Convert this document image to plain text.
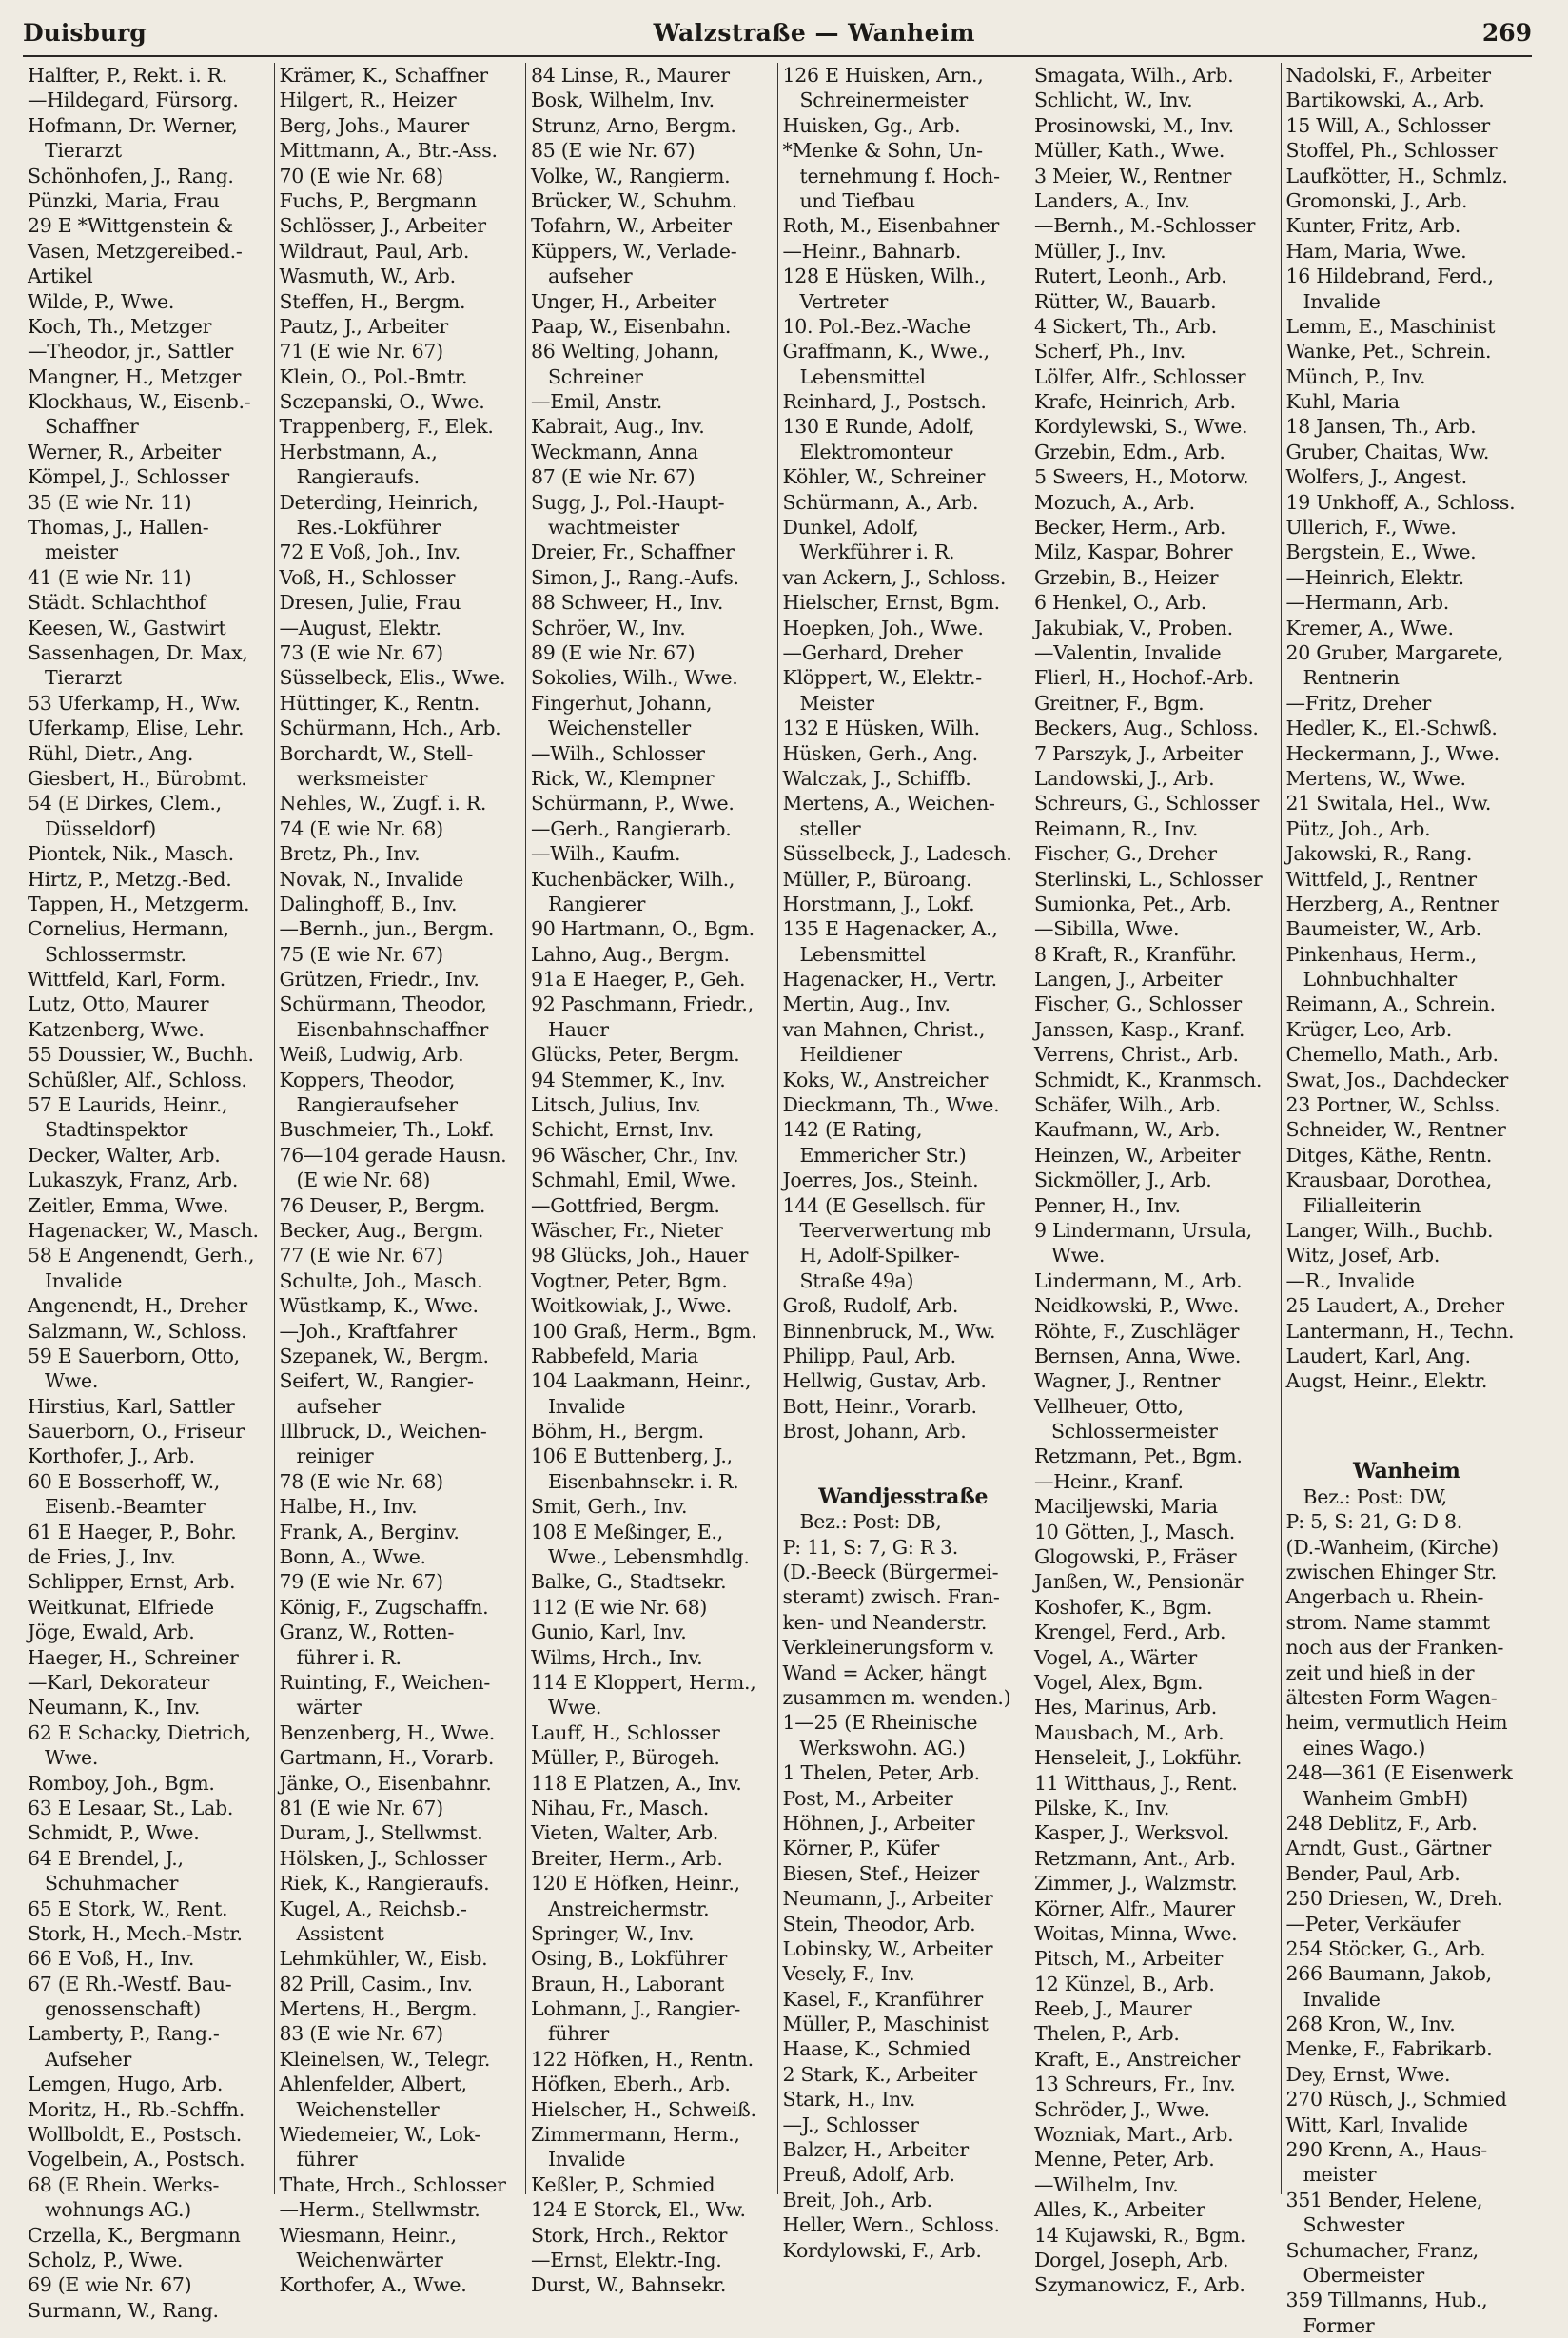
Duisburg	Walzstraße — Wanheim	269
Halfter, P., Rekt. i. R.
—Hildegard, Fürsorg.
Hofmann, Dr. Werner,
Tierarzt
Schönhofen, J., Rang.
Pünzki, Maria, Frau
29 E *Wittgenstein &
Vasen, Metzgereibed.-
Artikel
Wilde, P., Wwe.
Koch, Th., Metzger
—Theodor, jr., Sattler
Mangner, H., Metzger
Klockhaus, W., Eisenb.-
Schaffner
Werner, R., Arbeiter
Kömpel, J., Schlosser
35 (E wie Nr. 11)
Thomas, J., Hallen-
meister
41 (E wie Nr. 11)
Städt. Schlachthof
Keesen, W., Gastwirt
Sassenhagen, Dr. Max,
Tierarzt
53 Uferkamp, H., Ww.
Uferkamp, Elise, Lehr.
Rühl, Dietr., Ang.
Giesbert, H., Bürobmt.
54 (E Dirkes, Clem.,
Düsseldorf)
Piontek, Nik., Masch.
Hirtz, P., Metzg.-Bed.
Tappen, H., Metzgerm.
Cornelius, Hermann,
Schlossermstr.
Wittfeld, Karl, Form.
Lutz, Otto, Maurer
Katzenberg, Wwe.
55 Doussier, W., Buchh.
Schüßler, Alf., Schloss.
57 E Laurids, Heinr.,
Stadtinspektor
Decker, Walter, Arb.
Lukaszyk, Franz, Arb.
Zeitler, Emma, Wwe.
Hagenacker, W., Masch.
58 E Angenendt, Gerh.,
Invalide
Angenendt, H., Dreher
Salzmann, W., Schloss.
59 E Sauerborn, Otto,
Wwe.
Hirstius, Karl, Sattler
Sauerborn, O., Friseur
Korthofer, J., Arb.
60 E Bosserhoff, W.,
Eisenb.-Beamter
61 E Haeger, P., Bohr.
de Fries, J., Inv.
Schlipper, Ernst, Arb.
Weitkunat, Elfriede
Jöge, Ewald, Arb.
Haeger, H., Schreiner
—Karl, Dekorateur
Neumann, K., Inv.
62 E Schacky, Dietrich,
Wwe.
Romboy, Joh., Bgm.
63 E Lesaar, St., Lab.
Schmidt, P., Wwe.
64 E Brendel, J.,
Schuhmacher
65 E Stork, W., Rent.
Stork, H., Mech.-Mstr.
66 E Voß, H., Inv.
67 (E Rh.-Westf. Bau-
genossenschaft)
Lamberty, P., Rang.-
Aufseher
Lemgen, Hugo, Arb.
Moritz, H., Rb.-Schffn.
Wollboldt, E., Postsch.
Vogelbein, A., Postsch.
68 (E Rhein. Werks-
wohnungs AG.)
Crzella, K., Bergmann
Scholz, P., Wwe.
69 (E wie Nr. 67)
Surmann, W., Rang.
Krämer, K., Schaffner
Hilgert, R., Heizer
Berg, Johs., Maurer
Mittmann, A., Btr.-Ass.
70 (E wie Nr. 68)
Fuchs, P., Bergmann
Schlösser, J., Arbeiter
Wildraut, Paul, Arb.
Wasmuth, W., Arb.
Steffen, H., Bergm.
Pautz, J., Arbeiter
71 (E wie Nr. 67)
Klein, O., Pol.-Bmtr.
Sczepanski, O., Wwe.
Trappenberg, F., Elek.
Herbstmann, A.,
Rangieraufs.
Deterding, Heinrich,
Res.-Lokführer
72 E Voß, Joh., Inv.
Voß, H., Schlosser
Dresen, Julie, Frau
—August, Elektr.
73 (E wie Nr. 67)
Süsselbeck, Elis., Wwe.
Hüttinger, K., Rentn.
Schürmann, Hch., Arb.
Borchardt, W., Stell-
werksmeister
Nehles, W., Zugf. i. R.
74 (E wie Nr. 68)
Bretz, Ph., Inv.
Novak, N., Invalide
Dalinghoff, B., Inv.
—Bernh., jun., Bergm.
75 (E wie Nr. 67)
Grützen, Friedr., Inv.
Schürmann, Theodor,
Eisenbahnschaffner
Weiß, Ludwig, Arb.
Koppers, Theodor,
Rangieraufseher
Buschmeier, Th., Lokf.
76—104 gerade Hausn.
(E wie Nr. 68)
76 Deuser, P., Bergm.
Becker, Aug., Bergm.
77 (E wie Nr. 67)
Schulte, Joh., Masch.
Wüstkamp, K., Wwe.
—Joh., Kraftfahrer
Szepanek, W., Bergm.
Seifert, W., Rangier-
aufseher
Illbruck, D., Weichen-
reiniger
78 (E wie Nr. 68)
Halbe, H., Inv.
Frank, A., Berginv.
Bonn, A., Wwe.
79 (E wie Nr. 67)
König, F., Zugschaffn.
Granz, W., Rotten-
führer i. R.
Ruinting, F., Weichen-
wärter
Benzenberg, H., Wwe.
Gartmann, H., Vorarb.
Jänke, O., Eisenbahnr.
81 (E wie Nr. 67)
Duram, J., Stellwmst.
Hölsken, J., Schlosser
Riek, K., Rangieraufs.
Kugel, A., Reichsb.-
Assistent
Lehmkühler, W., Eisb.
82 Prill, Casim., Inv.
Mertens, H., Bergm.
83 (E wie Nr. 67)
Kleinelsen, W., Telegr.
Ahlenfelder, Albert,
Weichensteller
Wiedemeier, W., Lok-
führer
Thate, Hrch., Schlosser
—Herm., Stellwmstr.
Wiesmann, Heinr.,
Weichenwärter
Korthofer, A., Wwe.
84 Linse, R., Maurer
Bosk, Wilhelm, Inv.
Strunz, Arno, Bergm.
85 (E wie Nr. 67)
Volke, W., Rangierm.
Brücker, W., Schuhm.
Tofahrn, W., Arbeiter
Küppers, W., Verlade-
aufseher
Unger, H., Arbeiter
Paap, W., Eisenbahn.
86 Welting, Johann,
Schreiner
—Emil, Anstr.
Kabrait, Aug., Inv.
Weckmann, Anna
87 (E wie Nr. 67)
Sugg, J., Pol.-Haupt-
wachtmeister
Dreier, Fr., Schaffner
Simon, J., Rang.-Aufs.
88 Schweer, H., Inv.
Schröer, W., Inv.
89 (E wie Nr. 67)
Sokolies, Wilh., Wwe.
Fingerhut, Johann,
Weichensteller
—Wilh., Schlosser
Rick, W., Klempner
Schürmann, P., Wwe.
—Gerh., Rangierarb.
—Wilh., Kaufm.
Kuchenbäcker, Wilh.,
Rangierer
90 Hartmann, O., Bgm.
Lahno, Aug., Bergm.
91a E Haeger, P., Geh.
92 Paschmann, Friedr.,
Hauer
Glücks, Peter, Bergm.
94 Stemmer, K., Inv.
Litsch, Julius, Inv.
Schicht, Ernst, Inv.
96 Wäscher, Chr., Inv.
Schmahl, Emil, Wwe.
—Gottfried, Bergm.
Wäscher, Fr., Nieter
98 Glücks, Joh., Hauer
Vogtner, Peter, Bgm.
Woitkowiak, J., Wwe.
100 Graß, Herm., Bgm.
Rabbefeld, Maria
104 Laakmann, Heinr.,
Invalide
Böhm, H., Bergm.
106 E Buttenberg, J.,
Eisenbahnsekr. i. R.
Smit, Gerh., Inv.
108 E Meßinger, E.,
Wwe., Lebensmhdlg.
Balke, G., Stadtsekr.
112 (E wie Nr. 68)
Gunio, Karl, Inv.
Wilms, Hrch., Inv.
114 E Kloppert, Herm.,
Wwe.
Lauff, H., Schlosser
Müller, P., Bürogeh.
118 E Platzen, A., Inv.
Nihau, Fr., Masch.
Vieten, Walter, Arb.
Breiter, Herm., Arb.
120 E Höfken, Heinr.,
Anstreichermstr.
Springer, W., Inv.
Osing, B., Lokführer
Braun, H., Laborant
Lohmann, J., Rangier-
führer
122 Höfken, H., Rentn.
Höfken, Eberh., Arb.
Hielscher, H., Schweiß.
Zimmermann, Herm.,
Invalide
Keßler, P., Schmied
124 E Storck, El., Ww.
Stork, Hrch., Rektor
—Ernst, Elektr.-Ing.
Durst, W., Bahnsekr.
126 E Huisken, Arn.,
Schreinermeister
Huisken, Gg., Arb.
*Menke & Sohn, Un-
ternehmung f. Hoch-
und Tiefbau
Roth, M., Eisenbahner
—Heinr., Bahnarb.
128 E Hüsken, Wilh.,
Vertreter
10. Pol.-Bez.-Wache
Graffmann, K., Wwe.,
Lebensmittel
Reinhard, J., Postsch.
130 E Runde, Adolf,
Elektromonteur
Köhler, W., Schreiner
Schürmann, A., Arb.
Dunkel, Adolf,
Werkführer i. R.
van Ackern, J., Schloss.
Hielscher, Ernst, Bgm.
Hoepken, Joh., Wwe.
—Gerhard, Dreher
Klöppert, W., Elektr.-
Meister
132 E Hüsken, Wilh.
Hüsken, Gerh., Ang.
Walczak, J., Schiffb.
Mertens, A., Weichen-
steller
Süsselbeck, J., Ladesch.
Müller, P., Büroang.
Horstmann, J., Lokf.
135 E Hagenacker, A.,
Lebensmittel
Hagenacker, H., Vertr.
Mertin, Aug., Inv.
van Mahnen, Christ.,
Heildiener
Koks, W., Anstreicher
Dieckmann, Th., Wwe.
142 (E Rating,
Emmericher Str.)
Joerres, Jos., Steinh.
144 (E Gesellsch. für
Teerverwertung mb
H, Adolf-Spilker-
Straße 49a)
Groß, Rudolf, Arb.
Binnenbruck, M., Ww.
Philipp, Paul, Arb.
Hellwig, Gustav, Arb.
Bott, Heinr., Vorarb.
Brost, Johann, Arb.
Wandjesstraße
Bez.: Post: DB,
P: 11, S: 7, G: R 3.
(D.-Beeck (Bürgermei-
steramt) zwisch. Fran-
ken- und Neanderstr.
Verkleinerungsform v.
Wand = Acker, hängt
zusammen m. wenden.)
1—25 (E Rheinische
Werkswohn. AG.)
1 Thelen, Peter, Arb.
Post, M., Arbeiter
Höhnen, J., Arbeiter
Körner, P., Küfer
Biesen, Stef., Heizer
Neumann, J., Arbeiter
Stein, Theodor, Arb.
Lobinsky, W., Arbeiter
Vesely, F., Inv.
Kasel, F., Kranführer
Müller, P., Maschinist
Haase, K., Schmied
2 Stark, K., Arbeiter
Stark, H., Inv.
—J., Schlosser
Balzer, H., Arbeiter
Preuß, Adolf, Arb.
Breit, Joh., Arb.
Heller, Wern., Schloss.
Kordylowski, F., Arb.
Smagata, Wilh., Arb.
Schlicht, W., Inv.
Prosinowski, M., Inv.
Müller, Kath., Wwe.
3 Meier, W., Rentner
Landers, A., Inv.
—Bernh., M.-Schlosser
Müller, J., Inv.
Rutert, Leonh., Arb.
Rütter, W., Bauarb.
4 Sickert, Th., Arb.
Scherf, Ph., Inv.
Lölfer, Alfr., Schlosser
Krafe, Heinrich, Arb.
Kordylewski, S., Wwe.
Grzebin, Edm., Arb.
5 Sweers, H., Motorw.
Mozuch, A., Arb.
Becker, Herm., Arb.
Milz, Kaspar, Bohrer
Grzebin, B., Heizer
6 Henkel, O., Arb.
Jakubiak, V., Proben.
—Valentin, Invalide
Flierl, H., Hochof.-Arb.
Greitner, F., Bgm.
Beckers, Aug., Schloss.
7 Parszyk, J., Arbeiter
Landowski, J., Arb.
Schreurs, G., Schlosser
Reimann, R., Inv.
Fischer, G., Dreher
Sterlinski, L., Schlosser
Sumionka, Pet., Arb.
—Sibilla, Wwe.
8 Kraft, R., Kranführ.
Langen, J., Arbeiter
Fischer, G., Schlosser
Janssen, Kasp., Kranf.
Verrens, Christ., Arb.
Schmidt, K., Kranmsch.
Schäfer, Wilh., Arb.
Kaufmann, W., Arb.
Heinzen, W., Arbeiter
Sickmöller, J., Arb.
Penner, H., Inv.
9 Lindermann, Ursula,
Wwe.
Lindermann, M., Arb.
Neidkowski, P., Wwe.
Röhte, F., Zuschläger
Bernsen, Anna, Wwe.
Wagner, J., Rentner
Vellheuer, Otto,
Schlossermeister
Retzmann, Pet., Bgm.
—Heinr., Kranf.
Maciljewski, Maria
10 Götten, J., Masch.
Glogowski, P., Fräser
Janßen, W., Pensionär
Koshofer, K., Bgm.
Krengel, Ferd., Arb.
Vogel, A., Wärter
Vogel, Alex, Bgm.
Hes, Marinus, Arb.
Mausbach, M., Arb.
Henseleit, J., Lokführ.
11 Witthaus, J., Rent.
Pilske, K., Inv.
Kasper, J., Werksvol.
Retzmann, Ant., Arb.
Zimmer, J., Walzmstr.
Körner, Alfr., Maurer
Woitas, Minna, Wwe.
Pitsch, M., Arbeiter
12 Künzel, B., Arb.
Reeb, J., Maurer
Thelen, P., Arb.
Kraft, E., Anstreicher
13 Schreurs, Fr., Inv.
Schröder, J., Wwe.
Wozniak, Mart., Arb.
Menne, Peter, Arb.
—Wilhelm, Inv.
Alles, K., Arbeiter
14 Kujawski, R., Bgm.
Dorgel, Joseph, Arb.
Szymanowicz, F., Arb.
Nadolski, F., Arbeiter
Bartikowski, A., Arb.
15 Will, A., Schlosser
Stoffel, Ph., Schlosser
Laufkötter, H., Schmlz.
Gromonski, J., Arb.
Kunter, Fritz, Arb.
Ham, Maria, Wwe.
16 Hildebrand, Ferd.,
Invalide
Lemm, E., Maschinist
Wanke, Pet., Schrein.
Münch, P., Inv.
Kuhl, Maria
18 Jansen, Th., Arb.
Gruber, Chaitas, Ww.
Wolfers, J., Angest.
19 Unkhoff, A., Schloss.
Ullerich, F., Wwe.
Bergstein, E., Wwe.
—Heinrich, Elektr.
—Hermann, Arb.
Kremer, A., Wwe.
20 Gruber, Margarete,
Rentnerin
—Fritz, Dreher
Hedler, K., El.-Schwß.
Heckermann, J., Wwe.
Mertens, W., Wwe.
21 Switala, Hel., Ww.
Pütz, Joh., Arb.
Jakowski, R., Rang.
Wittfeld, J., Rentner
Herzberg, A., Rentner
Baumeister, W., Arb.
Pinkenhaus, Herm.,
Lohnbuchhalter
Reimann, A., Schrein.
Krüger, Leo, Arb.
Chemello, Math., Arb.
Swat, Jos., Dachdecker
23 Portner, W., Schlss.
Schneider, W., Rentner
Ditges, Käthe, Rentn.
Krausbaar, Dorothea,
Filialleiterin
Langer, Wilh., Buchb.
Witz, Josef, Arb.
—R., Invalide
25 Laudert, A., Dreher
Lantermann, H., Techn.
Laudert, Karl, Ang.
Augst, Heinr., Elektr.
Wanheim
Bez.: Post: DW,
P: 5, S: 21, G: D 8.
(D.-Wanheim, (Kirche)
zwischen Ehinger Str.
Angerbach u. Rhein-
strom. Name stammt
noch aus der Franken-
zeit und hieß in der
ältesten Form Wagen-
heim, vermutlich Heim
eines Wago.)
248—361 (E Eisenwerk
Wanheim GmbH)
248 Deblitz, F., Arb.
Arndt, Gust., Gärtner
Bender, Paul, Arb.
250 Driesen, W., Dreh.
—Peter, Verkäufer
254 Stöcker, G., Arb.
266 Baumann, Jakob,
Invalide
268 Kron, W., Inv.
Menke, F., Fabrikarb.
Dey, Ernst, Wwe.
270 Rüsch, J., Schmied
Witt, Karl, Invalide
290 Krenn, A., Haus-
meister
351 Bender, Helene,
Schwester
Schumacher, Franz,
Obermeister
359 Tillmanns, Hub.,
Former
